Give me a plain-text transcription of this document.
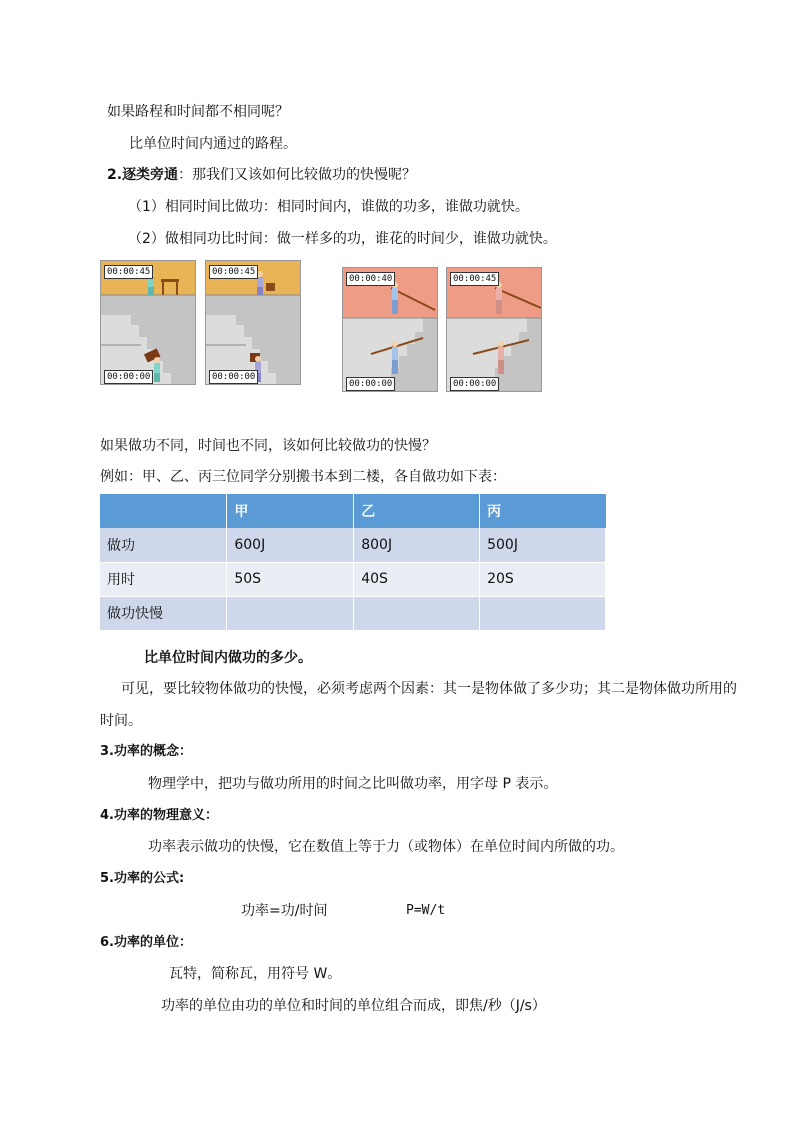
如果路程和时间都不相同呢？
比单位时间内通过的路程。
2.逐类旁通：那我们又该如何比较做功的快慢呢？
（1）相同时间比做功：相同时间内，谁做的功多，谁做功就快。
（2）做相同功比时间：做一样多的功，谁花的时间少，谁做功就快。
00:00:45
00:00:00
00:00:45
00:00:00
00:00:40
00:00:00
00:00:45
00:00:00
如果做功不同，时间也不同，该如何比较做功的快慢？
例如：甲、乙、丙三位同学分别搬书本到二楼，各自做功如下表：
	甲	乙	丙
做功	600J	800J	500J
用时	50S	40S	20S
做功快慢			
比单位时间内做功的多少。
可见，要比较物体做功的快慢，必须考虑两个因素：其一是物体做了多少功；其二是物体做功所用的
时间。
3.功率的概念：
物理学中，把功与做功所用的时间之比叫做功率，用字母 P 表示。
4.功率的物理意义：
功率表示做功的快慢，它在数值上等于力（或物体）在单位时间内所做的功。
5.功率的公式:
功率=功/时间	P=W/t
6.功率的单位：
瓦特，简称瓦，用符号 W。
功率的单位由功的单位和时间的单位组合而成，即焦/秒（J/s）
